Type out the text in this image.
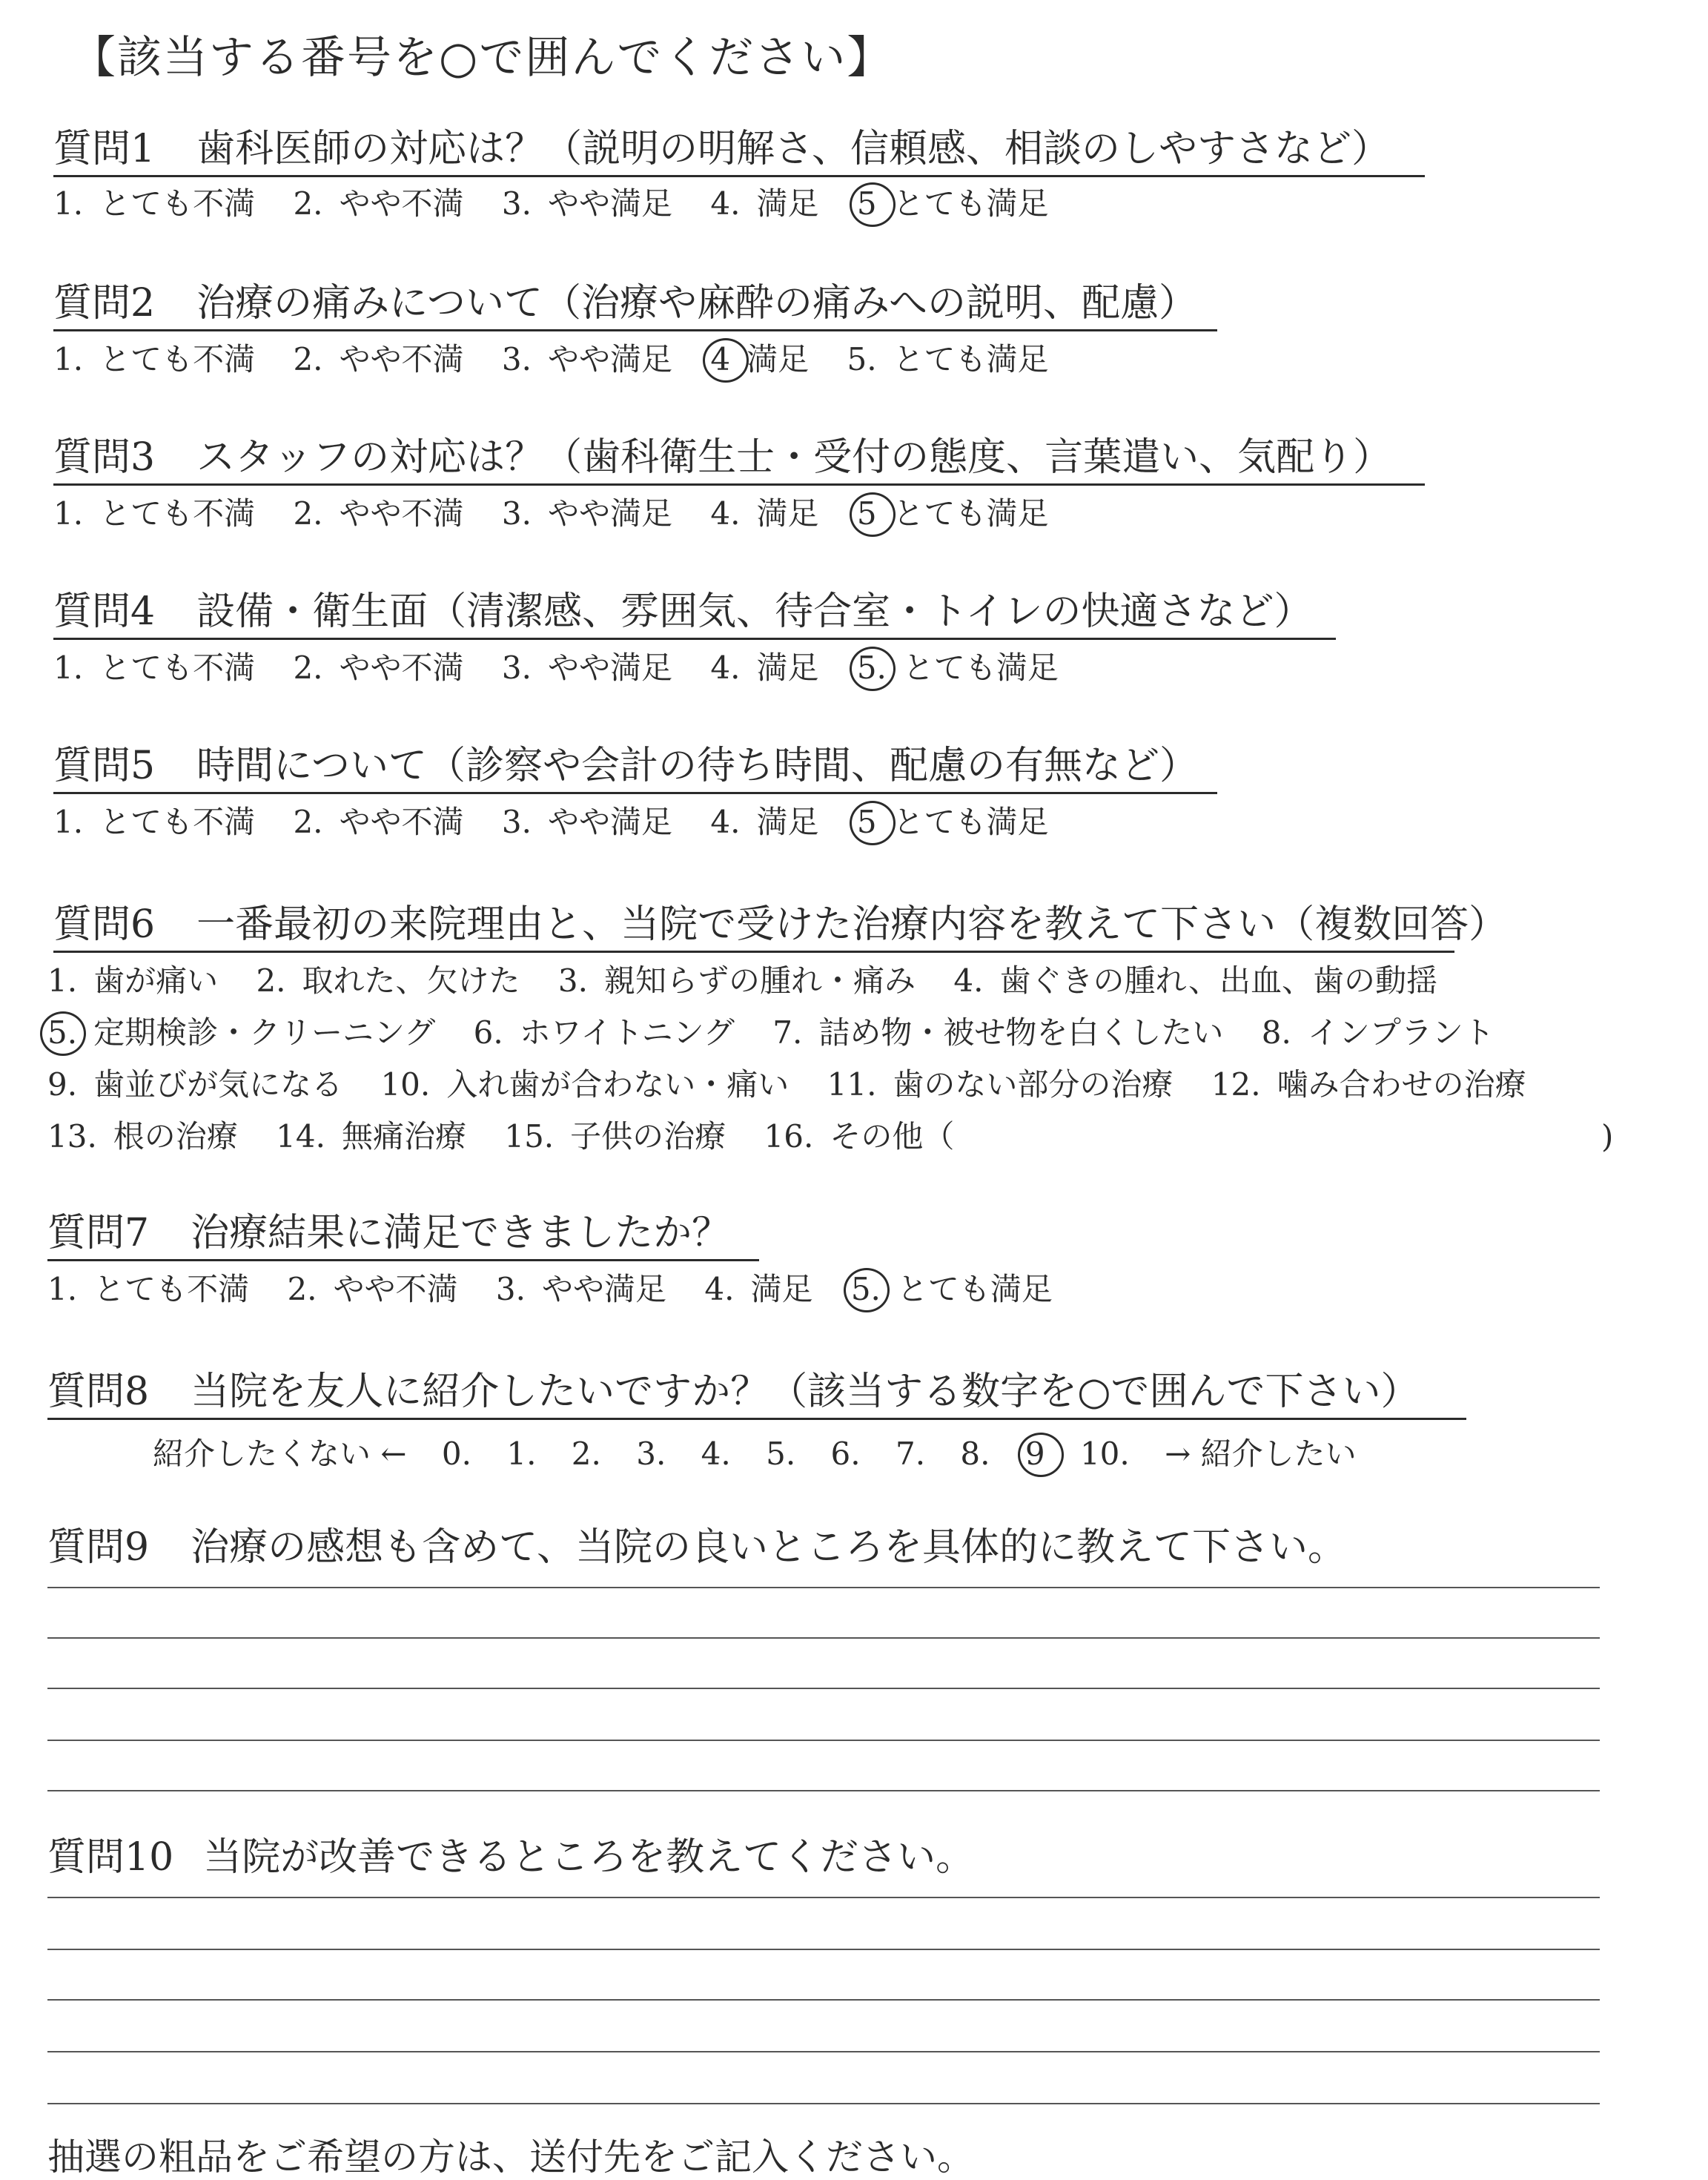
【該当する番号を○で囲んでください】
質問1 歯科医師の対応は？（説明の明解さ、信頼感、相談のしやすさなど）
1. とても不満 2. やや不満 3. やや満足 4. 満足 5 とても満足
質問2 治療の痛みについて（治療や麻酔の痛みへの説明、配慮）
1. とても不満 2. やや不満 3. やや満足 4 満足 5. とても満足
質問3 スタッフの対応は？（歯科衛生士・受付の態度、言葉遣い、気配り）
1. とても不満 2. やや不満 3. やや満足 4. 満足 5 とても満足
質問4 設備・衛生面（清潔感、雰囲気、待合室・トイレの快適さなど）
1. とても不満 2. やや不満 3. やや満足 4. 満足 5. とても満足
質問5 時間について（診察や会計の待ち時間、配慮の有無など）
1. とても不満 2. やや不満 3. やや満足 4. 満足 5 とても満足
質問6 一番最初の来院理由と、当院で受けた治療内容を教えて下さい（複数回答）
1. 歯が痛い 2. 取れた、欠けた 3. 親知らずの腫れ・痛み 4. 歯ぐきの腫れ、出血、歯の動揺
5. 定期検診・クリーニング 6. ホワイトニング 7. 詰め物・被せ物を白くしたい 8. インプラント
9. 歯並びが気になる 10. 入れ歯が合わない・痛い 11. 歯のない部分の治療 12. 噛み合わせの治療
13. 根の治療 14. 無痛治療 15. 子供の治療 16. その他（	)
質問7 治療結果に満足できましたか？
1. とても不満 2. やや不満 3. やや満足 4. 満足 5. とても満足
質問8 当院を友人に紹介したいですか？（該当する数字を○で囲んで下さい）
紹介したくない ← 0. 1. 2. 3. 4. 5. 6. 7. 8. 9 10. → 紹介したい
質問9 治療の感想も含めて、当院の良いところを具体的に教えて下さい。
質問10 当院が改善できるところを教えてください。
抽選の粗品をご希望の方は、送付先をご記入ください。
